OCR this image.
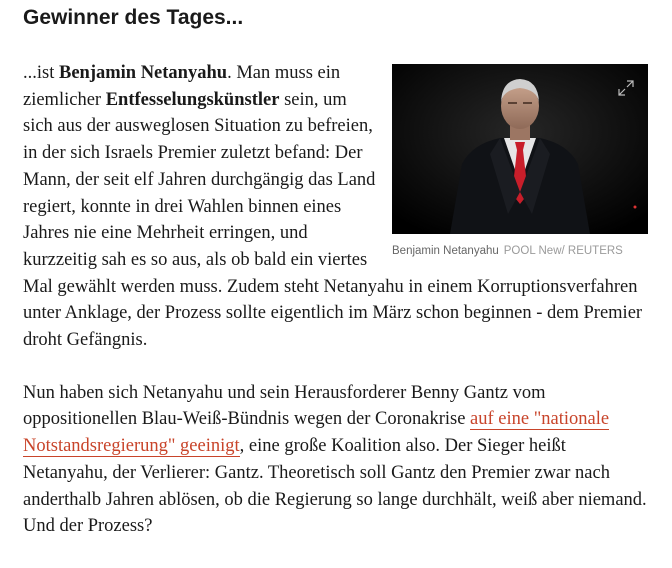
Gewinner des Tages...
Benjamin Netanyahu POOL New/ REUTERS

...ist Benjamin Netanyahu. Man muss ein ziemlicher Entfesselungskünstler sein, um sich aus der ausweglosen Situation zu befreien, in der sich Israels Premier zuletzt befand: Der Mann, der seit elf Jahren durchgängig das Land regiert, konnte in drei Wahlen binnen eines Jahres nie eine Mehrheit erringen, und kurzzeitig sah es so aus, als ob bald ein viertes Mal gewählt werden muss. Zudem steht Netanyahu in einem Korruptionsverfahren unter Anklage, der Prozess sollte eigentlich im März schon beginnen - dem Premier droht Gefängnis.

Nun haben sich Netanyahu und sein Herausforderer Benny Gantz vom oppositionellen Blau-Weiß-Bündnis wegen der Coronakrise auf eine "nationale Notstandsregierung" geeinigt, eine große Koalition also. Der Sieger heißt Netanyahu, der Verlierer: Gantz. Theoretisch soll Gantz den Premier zwar nach anderthalb Jahren ablösen, ob die Regierung so lange durchhält, weiß aber niemand. Und der Prozess?
